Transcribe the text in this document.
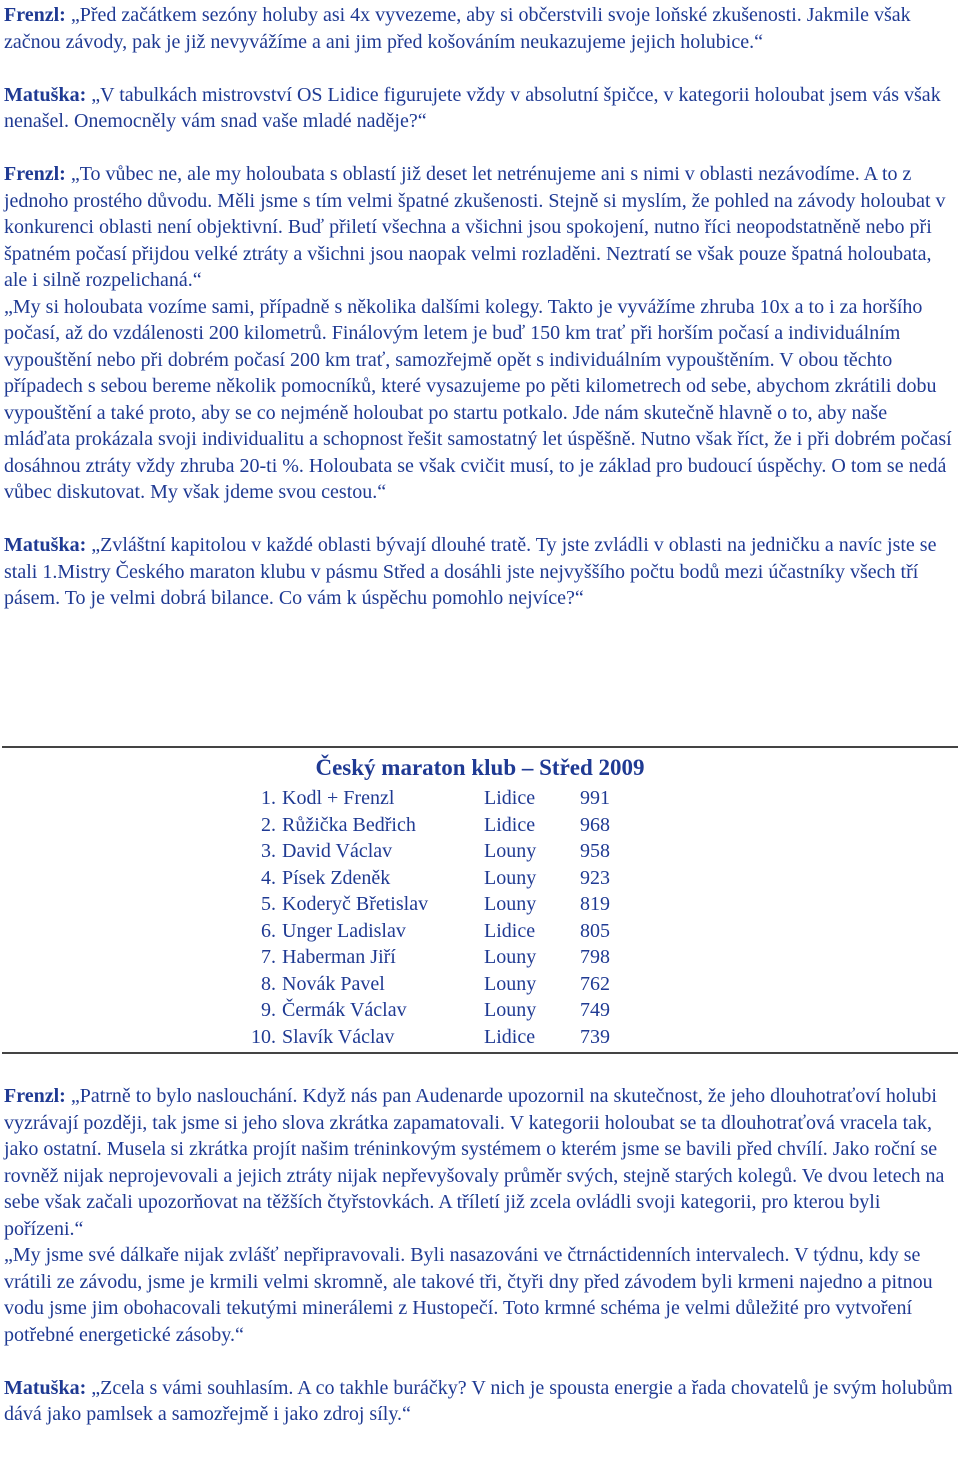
Frenzl: „Před začátkem sezóny holuby asi 4x vyvezeme, aby si občerstvili svoje loňské zkušenosti. Jakmile však začnou závody, pak je již nevyvážíme a ani jim před košováním neukazujeme jejich holubice.“

Matuška: „V tabulkách mistrovství OS Lidice figurujete vždy v absolutní špičce, v kategorii holoubat jsem vás však nenašel. Onemocněly vám snad vaše mladé naděje?“

Frenzl: „To vůbec ne, ale my holoubata s oblastí již deset let netrénujeme ani s nimi v oblasti nezávodíme. A to z jednoho prostého důvodu. Měli jsme s tím velmi špatné zkušenosti. Stejně si myslím, že pohled na závody holoubat v konkurenci oblasti není objektivní. Buď přiletí všechna a všichni jsou spokojení, nutno říci neopodstatněně nebo při špatném počasí přijdou velké ztráty a všichni jsou naopak velmi rozladěni. Neztratí se však pouze špatná holoubata, ale i silně rozpelichaná.“

„My si holoubata vozíme sami, případně s několika dalšími kolegy. Takto je vyvážíme zhruba 10x a to i za horšího počasí, až do vzdálenosti 200 kilometrů. Finálovým letem je buď 150 km trať při horším počasí a individuálním vypouštění nebo při dobrém počasí 200 km trať, samozřejmě opět s individuálním vypouštěním. V obou těchto případech s sebou bereme několik pomocníků, které vysazujeme po pěti kilometrech od sebe, abychom zkrátili dobu vypouštění a také proto, aby se co nejméně holoubat po startu potkalo. Jde nám skutečně hlavně o to, aby naše mláďata prokázala svoji individualitu a schopnost řešit samostatný let úspěšně. Nutno však říct, že i při dobrém počasí dosáhnou ztráty vždy zhruba 20-ti %. Holoubata se však cvičit musí, to je základ pro budoucí úspěchy. O tom se nedá vůbec diskutovat. My však jdeme svou cestou.“

Matuška: „Zvláštní kapitolou v každé oblasti bývají dlouhé tratě. Ty jste zvládli v oblasti na jedničku a navíc jste se stali 1.Mistry Českého maraton klubu v pásmu Střed a dosáhli jste nejvyššího počtu bodů mezi účastníky všech tří pásem. To je velmi dobrá bilance. Co vám k úspěchu pomohlo nejvíce?“

Český maraton klub – Střed 2009
1. Kodl + Frenzl	Lidice	991
2. Růžička Bedřich	Lidice	968
3. David Václav	Louny	958
4. Písek Zdeněk	Louny	923
5. Koderyč Břetislav	Louny	819
6. Unger Ladislav	Lidice	805
7. Haberman Jiří	Louny	798
8. Novák Pavel	Louny	762
9. Čermák Václav	Louny	749
10. Slavík Václav	Lidice	739

Frenzl: „Patrně to bylo naslouchání. Když nás pan Audenarde upozornil na skutečnost, že jeho dlouhotraťoví holubi vyzrávají později, tak jsme si jeho slova zkrátka zapamatovali. V kategorii holoubat se ta dlouhotraťová vracela tak, jako ostatní. Musela si zkrátka projít našim tréninkovým systémem o kterém jsme se bavili před chvílí. Jako roční se rovněž nijak neprojevovali a jejich ztráty nijak nepřevyšovaly průměr svých, stejně starých kolegů. Ve dvou letech na sebe však začali upozorňovat na těžších čtyřstovkách. A tříletí již zcela ovládli svoji kategorii, pro kterou byli pořízeni.“

„My jsme své dálkaře nijak zvlášť nepřipravovali. Byli nasazováni ve čtrnáctidenních intervalech. V týdnu, kdy se vrátili ze závodu, jsme je krmili velmi skromně, ale takové tři, čtyři dny před závodem byli krmeni najedno a pitnou vodu jsme jim obohacovali tekutými minerálemi z Hustopečí. Toto krmné schéma je velmi důležité pro vytvoření potřebné energetické zásoby.“

Matuška: „Zcela s vámi souhlasím. A co takhle buráčky? V nich je spousta energie a řada chovatelů je svým holubům dává jako pamlsek a samozřejmě i jako zdroj síly.“
